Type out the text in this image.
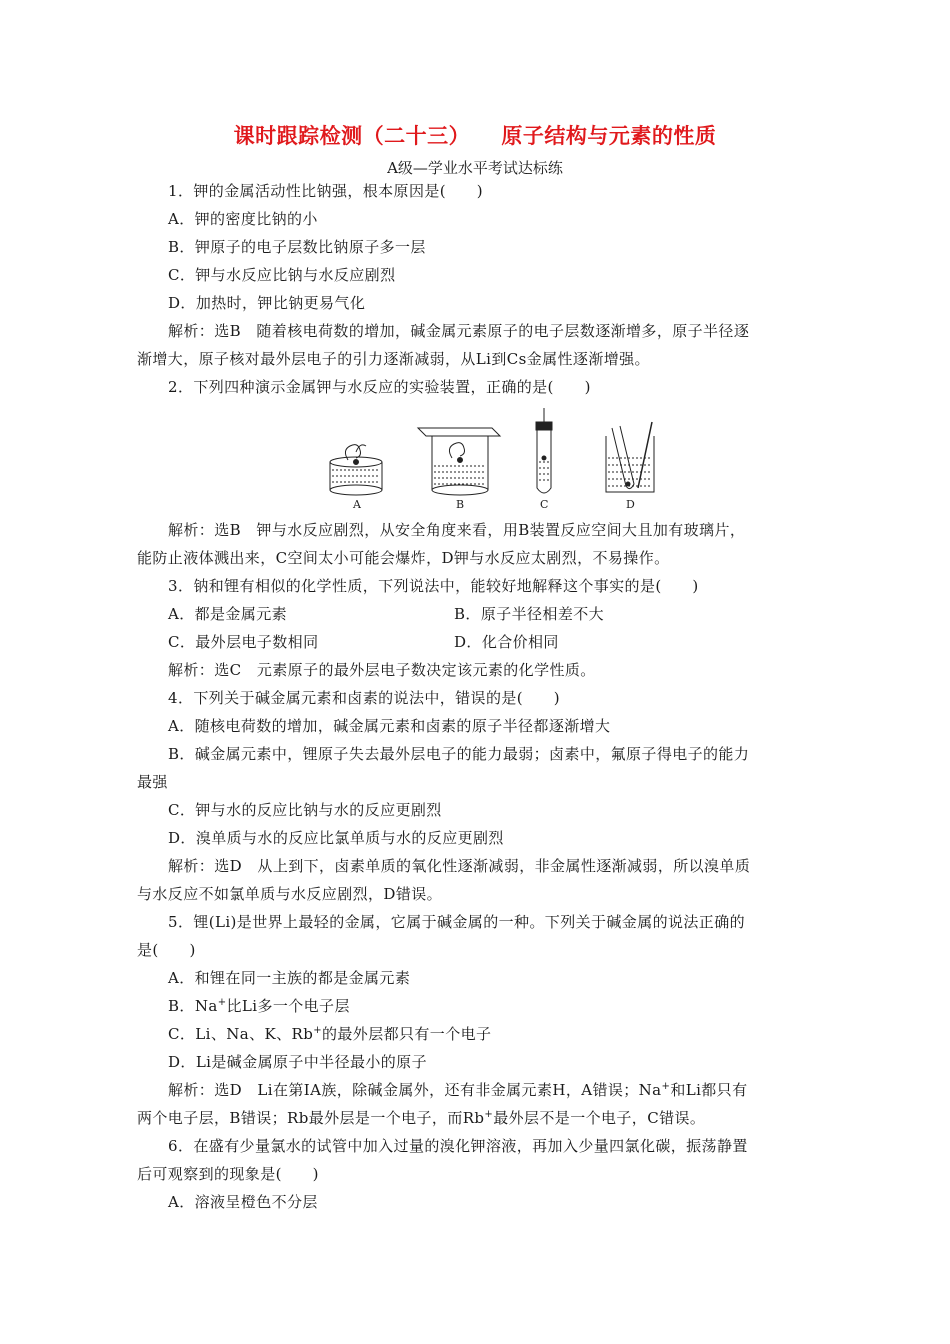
课时跟踪检测（二十三）    原子结构与元素的性质
A级—学业水平考试达标练
1．钾的金属活动性比钠强，根本原因是(　　)
A．钾的密度比钠的小
B．钾原子的电子层数比钠原子多一层
C．钾与水反应比钠与水反应剧烈
D．加热时，钾比钠更易气化
解析：选B　随着核电荷数的增加，碱金属元素原子的电子层数逐渐增多，原子半径逐
渐增大，原子核对最外层电子的引力逐渐减弱，从Li到Cs金属性逐渐增强。
2．下列四种演示金属钾与水反应的实验装置，正确的是(　　)
A	B	C	D
解析：选B　钾与水反应剧烈，从安全角度来看，用B装置反应空间大且加有玻璃片，
能防止液体溅出来，C空间太小可能会爆炸，D钾与水反应太剧烈，不易操作。
3．钠和锂有相似的化学性质，下列说法中，能较好地解释这个事实的是(　　)
A．都是金属元素	B．原子半径相差不大
C．最外层电子数相同	D．化合价相同
解析：选C　元素原子的最外层电子数决定该元素的化学性质。
4．下列关于碱金属元素和卤素的说法中，错误的是(　　)
A．随核电荷数的增加，碱金属元素和卤素的原子半径都逐渐增大
B．碱金属元素中，锂原子失去最外层电子的能力最弱；卤素中，氟原子得电子的能力
最强
C．钾与水的反应比钠与水的反应更剧烈
D．溴单质与水的反应比氯单质与水的反应更剧烈
解析：选D　从上到下，卤素单质的氧化性逐渐减弱，非金属性逐渐减弱，所以溴单质
与水反应不如氯单质与水反应剧烈，D错误。
5．锂(Li)是世界上最轻的金属，它属于碱金属的一种。下列关于碱金属的说法正确的
是(　　)
A．和锂在同一主族的都是金属元素
B．Na+比Li多一个电子层
C．Li、Na、K、Rb+的最外层都只有一个电子
D．Li是碱金属原子中半径最小的原子
解析：选D　Li在第ⅠA族，除碱金属外，还有非金属元素H，A错误；Na+和Li都只有
两个电子层，B错误；Rb最外层是一个电子，而Rb+最外层不是一个电子，C错误。
6．在盛有少量氯水的试管中加入过量的溴化钾溶液，再加入少量四氯化碳，振荡静置
后可观察到的现象是(　　)
A．溶液呈橙色不分层
